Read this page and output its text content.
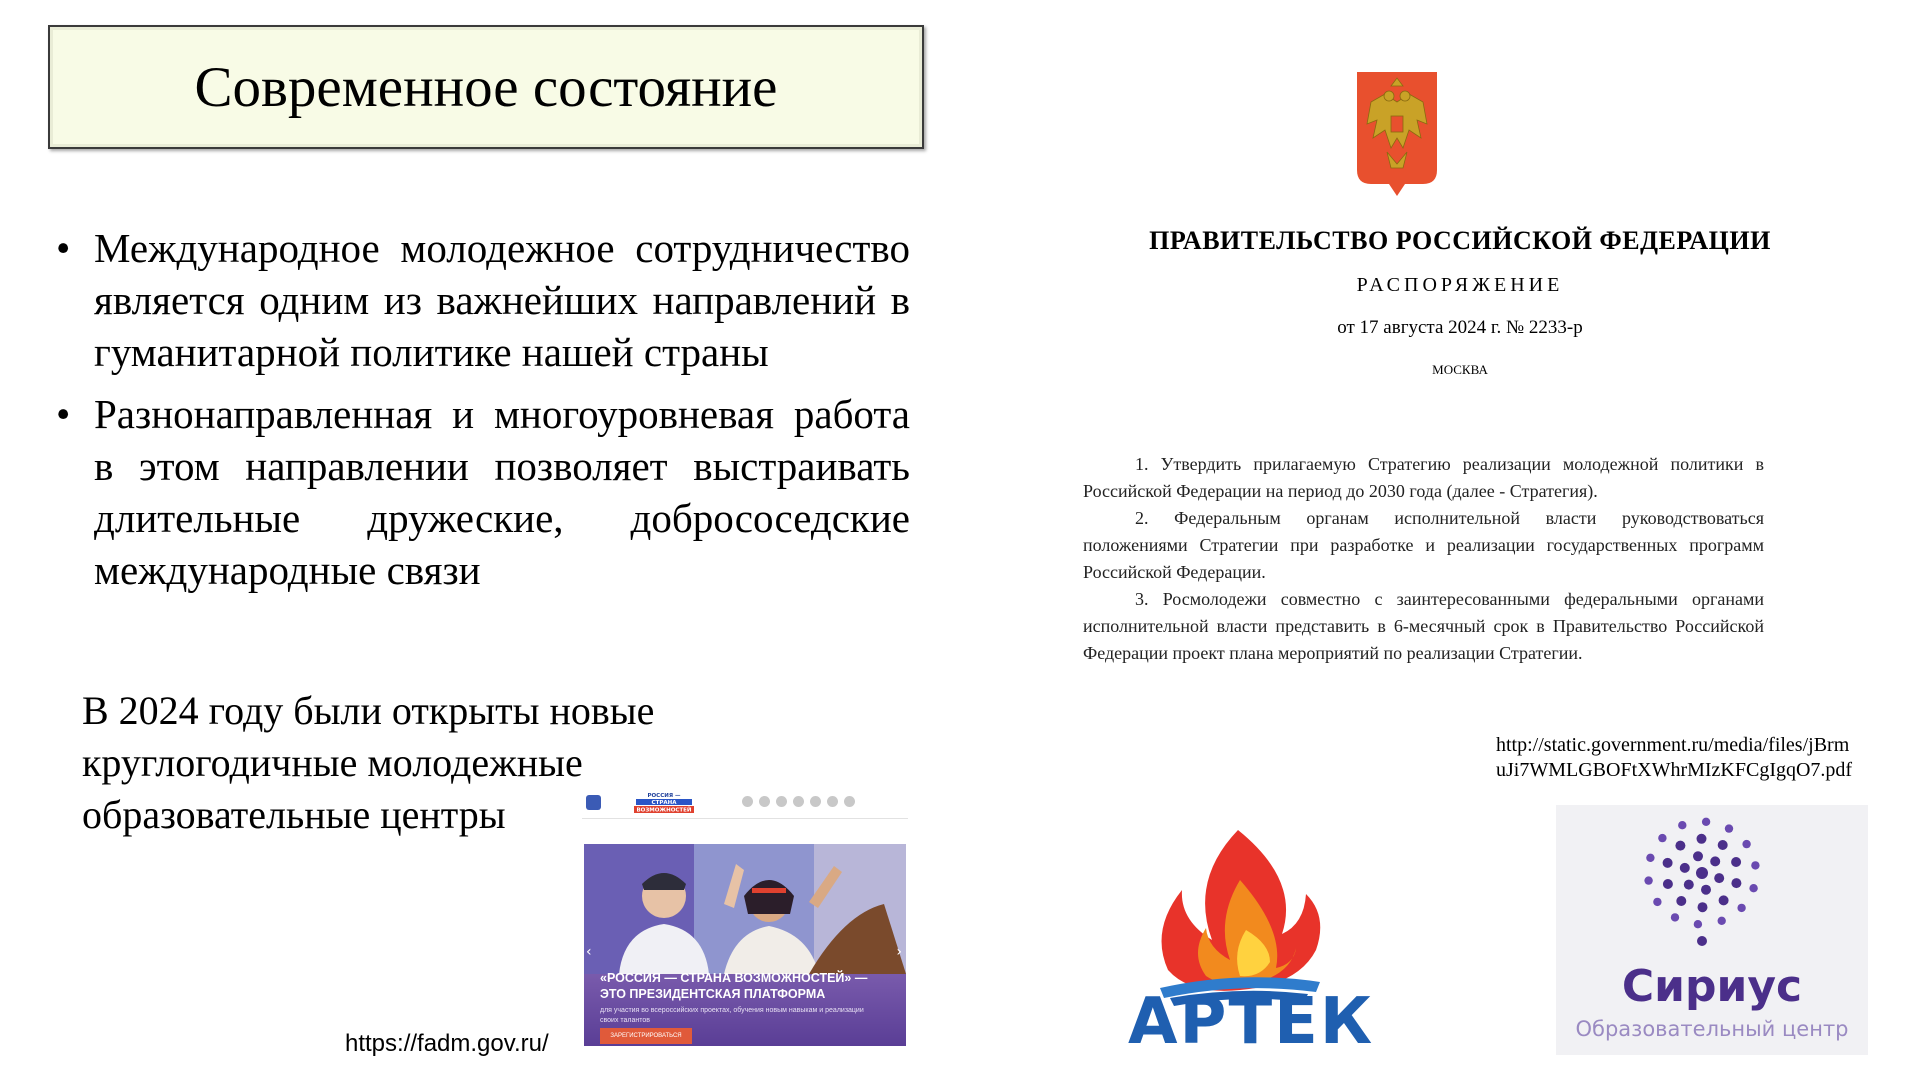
Современное состояние
• Международное молодежное сотрудничество является одним из важнейших направлений в гуманитарной политике нашей страны
• Разнонаправленная и многоуровневая работа в этом направлении позволяет выстраивать длительные дружеские, добрососедские международные связи
В 2024 году были открыты новые круглогодичные молодежные образовательные центры
https://fadm.gov.ru/
РОССИЯ —
СТРАНА
ВОЗМОЖНОСТЕЙ
‹	›
«РОССИЯ — СТРАНА ВОЗМОЖНОСТЕЙ» — ЭТО ПРЕЗИДЕНТСКАЯ ПЛАТФОРМА
для участия во всероссийских проектах, обучения новым навыкам и реализации своих талантов
ЗАРЕГИСТРИРОВАТЬСЯ
ПРАВИТЕЛЬСТВО РОССИЙСКОЙ ФЕДЕРАЦИИ
РАСПОРЯЖЕНИЕ
от 17 августа 2024 г. № 2233-р
МОСКВА

1. Утвердить прилагаемую Стратегию реализации молодежной политики в Российской Федерации на период до 2030 года (далее - Стратегия).

2. Федеральным органам исполнительной власти руководствоваться положениями Стратегии при разработке и реализации государственных программ Российской Федерации.

3. Росмолодежи совместно с заинтересованными федеральными органами исполнительной власти представить в 6-месячный срок в Правительство Российской Федерации проект плана мероприятий по реализации Стратегии.

http://static.government.ru/media/files/jBrm
uJi7WMLGBOFtXWhrMIzKFCgIgqO7.pdf
АРТЕК	Сириус
Образовательный центр
